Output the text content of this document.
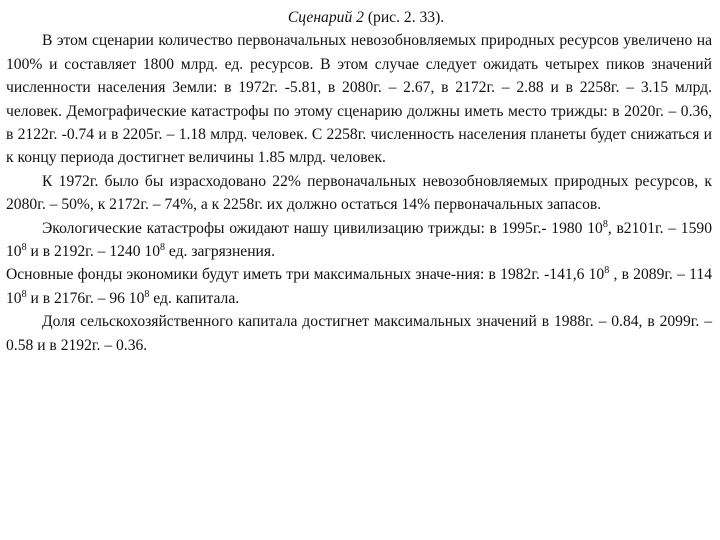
Сценарий 2 (рис. 2. 33).

В этом сценарии количество первоначальных невозобновляемых природных ресурсов увеличено на 100% и составляет 1800 млрд. ед. ресурсов. В этом случае следует ожидать четырех пиков значений численности населения Земли: в 1972г. -5.81, в 2080г. – 2.67, в 2172г. – 2.88 и в 2258г. – 3.15 млрд. человек. Демографические катастрофы по этому сценарию должны иметь место трижды: в 2020г. – 0.36, в 2122г. -0.74 и в 2205г. – 1.18 млрд. человек. С 2258г. численность населения планеты будет снижаться и к концу периода достигнет величины 1.85 млрд. человек.

К 1972г. было бы израсходовано 22% первоначальных невозобновляемых природных ресурсов, к 2080г. – 50%, к 2172г. – 74%, а к 2258г. их должно остаться 14% первоначальных запасов.

Экологические катастрофы ожидают нашу цивилизацию трижды: в 1995г.- 1980 $10^8$, в2101г. – 1590 $10^8$ и в 2192г. – 1240 $10^8$ ед. загрязнения.

Основные фонды экономики будут иметь три максимальных значе-ния: в 1982г. -141,6 $10^8$ , в 2089г. – 114 $10^8$ и в 2176г. – 96 $10^8$ ед. капитала.

Доля сельскохозяйственного капитала достигнет максимальных значений в 1988г. – 0.84, в 2099г. – 0.58 и в 2192г. – 0.36.
